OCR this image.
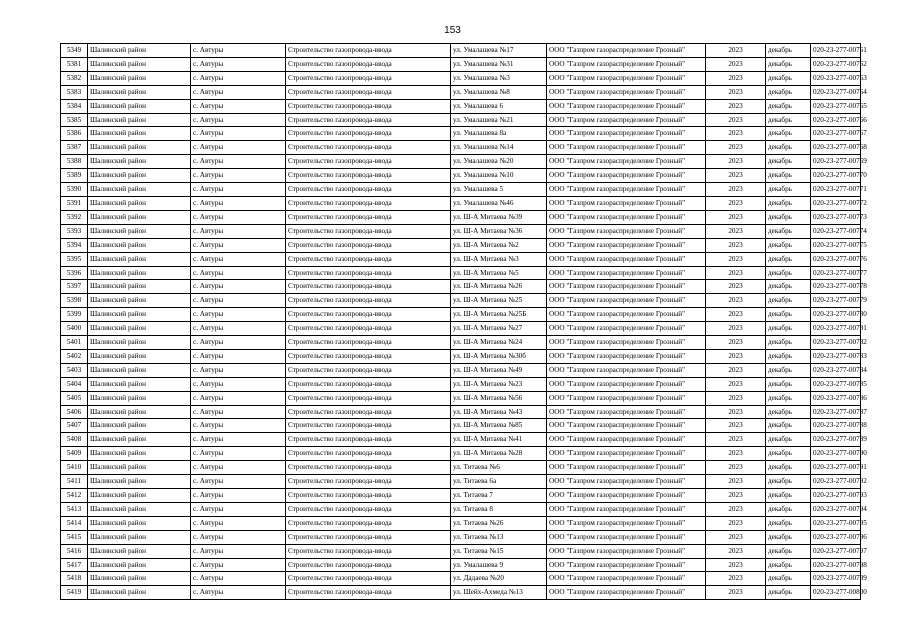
153
5349	Шалинский район	с. Автуры	Строительство газопровода-ввода	ул. Умалашева №17	ООО "Газпром газораспределение Грозный"	2023	декабрь	020-23-277-00761
5381	Шалинский район	с. Автуры	Строительство газопровода-ввода	ул. Умалашева №31	ООО "Газпром газораспределение Грозный"	2023	декабрь	020-23-277-00762
5382	Шалинский район	с. Автуры	Строительство газопровода-ввода	ул. Умалашева №3	ООО "Газпром газораспределение Грозный"	2023	декабрь	020-23-277-00763
5383	Шалинский район	с. Автуры	Строительство газопровода-ввода	ул. Умалашева №8	ООО "Газпром газораспределение Грозный"	2023	декабрь	020-23-277-00764
5384	Шалинский район	с. Автуры	Строительство газопровода-ввода	ул. Умалашева 6	ООО "Газпром газораспределение Грозный"	2023	декабрь	020-23-277-00765
5385	Шалинский район	с. Автуры	Строительство газопровода-ввода	ул. Умалашева №21	ООО "Газпром газораспределение Грозный"	2023	декабрь	020-23-277-00766
5386	Шалинский район	с. Автуры	Строительство газопровода-ввода	ул. Умалашева 8а	ООО "Газпром газораспределение Грозный"	2023	декабрь	020-23-277-00767
5387	Шалинский район	с. Автуры	Строительство газопровода-ввода	ул. Умалашева №14	ООО "Газпром газораспределение Грозный"	2023	декабрь	020-23-277-00768
5388	Шалинский район	с. Автуры	Строительство газопровода-ввода	ул. Умалашева №20	ООО "Газпром газораспределение Грозный"	2023	декабрь	020-23-277-00769
5389	Шалинский район	с. Автуры	Строительство газопровода-ввода	ул. Умалашева №10	ООО "Газпром газораспределение Грозный"	2023	декабрь	020-23-277-00770
5390	Шалинский район	с. Автуры	Строительство газопровода-ввода	ул. Умалашева 5	ООО "Газпром газораспределение Грозный"	2023	декабрь	020-23-277-00771
5391	Шалинский район	с. Автуры	Строительство газопровода-ввода	ул. Умалашева №46	ООО "Газпром газораспределение Грозный"	2023	декабрь	020-23-277-00772
5392	Шалинский район	с. Автуры	Строительство газопровода-ввода	ул. Ш-А Митаева №39	ООО "Газпром газораспределение Грозный"	2023	декабрь	020-23-277-00773
5393	Шалинский район	с. Автуры	Строительство газопровода-ввода	ул. Ш-А Митаева №36	ООО "Газпром газораспределение Грозный"	2023	декабрь	020-23-277-00774
5394	Шалинский район	с. Автуры	Строительство газопровода-ввода	ул. Ш-А Митаева №2	ООО "Газпром газораспределение Грозный"	2023	декабрь	020-23-277-00775
5395	Шалинский район	с. Автуры	Строительство газопровода-ввода	ул. Ш-А Митаева №3	ООО "Газпром газораспределение Грозный"	2023	декабрь	020-23-277-00776
5396	Шалинский район	с. Автуры	Строительство газопровода-ввода	ул. Ш-А Митаева №5	ООО "Газпром газораспределение Грозный"	2023	декабрь	020-23-277-00777
5397	Шалинский район	с. Автуры	Строительство газопровода-ввода	ул. Ш-А Митаева №26	ООО "Газпром газораспределение Грозный"	2023	декабрь	020-23-277-00778
5398	Шалинский район	с. Автуры	Строительство газопровода-ввода	ул. Ш-А Митаева №25	ООО "Газпром газораспределение Грозный"	2023	декабрь	020-23-277-00779
5399	Шалинский район	с. Автуры	Строительство газопровода-ввода	ул. Ш-А Митаева №25Б	ООО "Газпром газораспределение Грозный"	2023	декабрь	020-23-277-00780
5400	Шалинский район	с. Автуры	Строительство газопровода-ввода	ул. Ш-А Митаева №27	ООО "Газпром газораспределение Грозный"	2023	декабрь	020-23-277-00781
5401	Шалинский район	с. Автуры	Строительство газопровода-ввода	ул. Ш-А Митаева №24	ООО "Газпром газораспределение Грозный"	2023	декабрь	020-23-277-00782
5402	Шалинский район	с. Автуры	Строительство газопровода-ввода	ул. Ш-А Митаева №30б	ООО "Газпром газораспределение Грозный"	2023	декабрь	020-23-277-00783
5403	Шалинский район	с. Автуры	Строительство газопровода-ввода	ул. Ш-А Митаева №49	ООО "Газпром газораспределение Грозный"	2023	декабрь	020-23-277-00784
5404	Шалинский район	с. Автуры	Строительство газопровода-ввода	ул. Ш-А Митаева №23	ООО "Газпром газораспределение Грозный"	2023	декабрь	020-23-277-00785
5405	Шалинский район	с. Автуры	Строительство газопровода-ввода	ул. Ш-А Митаева №56	ООО "Газпром газораспределение Грозный"	2023	декабрь	020-23-277-00786
5406	Шалинский район	с. Автуры	Строительство газопровода-ввода	ул. Ш-А Митаева №43	ООО "Газпром газораспределение Грозный"	2023	декабрь	020-23-277-00787
5407	Шалинский район	с. Автуры	Строительство газопровода-ввода	ул. Ш-А Митаева №85	ООО "Газпром газораспределение Грозный"	2023	декабрь	020-23-277-00788
5408	Шалинский район	с. Автуры	Строительство газопровода-ввода	ул. Ш-А Митаева №41	ООО "Газпром газораспределение Грозный"	2023	декабрь	020-23-277-00789
5409	Шалинский район	с. Автуры	Строительство газопровода-ввода	ул. Ш-А Митаева №28	ООО "Газпром газораспределение Грозный"	2023	декабрь	020-23-277-00790
5410	Шалинский район	с. Автуры	Строительство газопровода-ввода	ул. Титаева №6	ООО "Газпром газораспределение Грозный"	2023	декабрь	020-23-277-00791
5411	Шалинский район	с. Автуры	Строительство газопровода-ввода	ул. Титаева 6а	ООО "Газпром газораспределение Грозный"	2023	декабрь	020-23-277-00792
5412	Шалинский район	с. Автуры	Строительство газопровода-ввода	ул. Титаева 7	ООО "Газпром газораспределение Грозный"	2023	декабрь	020-23-277-00793
5413	Шалинский район	с. Автуры	Строительство газопровода-ввода	ул. Титаева 8	ООО "Газпром газораспределение Грозный"	2023	декабрь	020-23-277-00794
5414	Шалинский район	с. Автуры	Строительство газопровода-ввода	ул. Титаева №26	ООО "Газпром газораспределение Грозный"	2023	декабрь	020-23-277-00795
5415	Шалинский район	с. Автуры	Строительство газопровода-ввода	ул. Титаева №13	ООО "Газпром газораспределение Грозный"	2023	декабрь	020-23-277-00796
5416	Шалинский район	с. Автуры	Строительство газопровода-ввода	ул. Титаева №15	ООО "Газпром газораспределение Грозный"	2023	декабрь	020-23-277-00797
5417	Шалинский район	с. Автуры	Строительство газопровода-ввода	ул. Умалашева 9	ООО "Газпром газораспределение Грозный"	2023	декабрь	020-23-277-00798
5418	Шалинский район	с. Автуры	Строительство газопровода-ввода	ул. Дадаева №20	ООО "Газпром газораспределение Грозный"	2023	декабрь	020-23-277-00799
5419	Шалинский район	с. Автуры	Строительство газопровода-ввода	ул. Шейх-Ахмеда №13	ООО "Газпром газораспределение Грозный"	2023	декабрь	020-23-277-00800
